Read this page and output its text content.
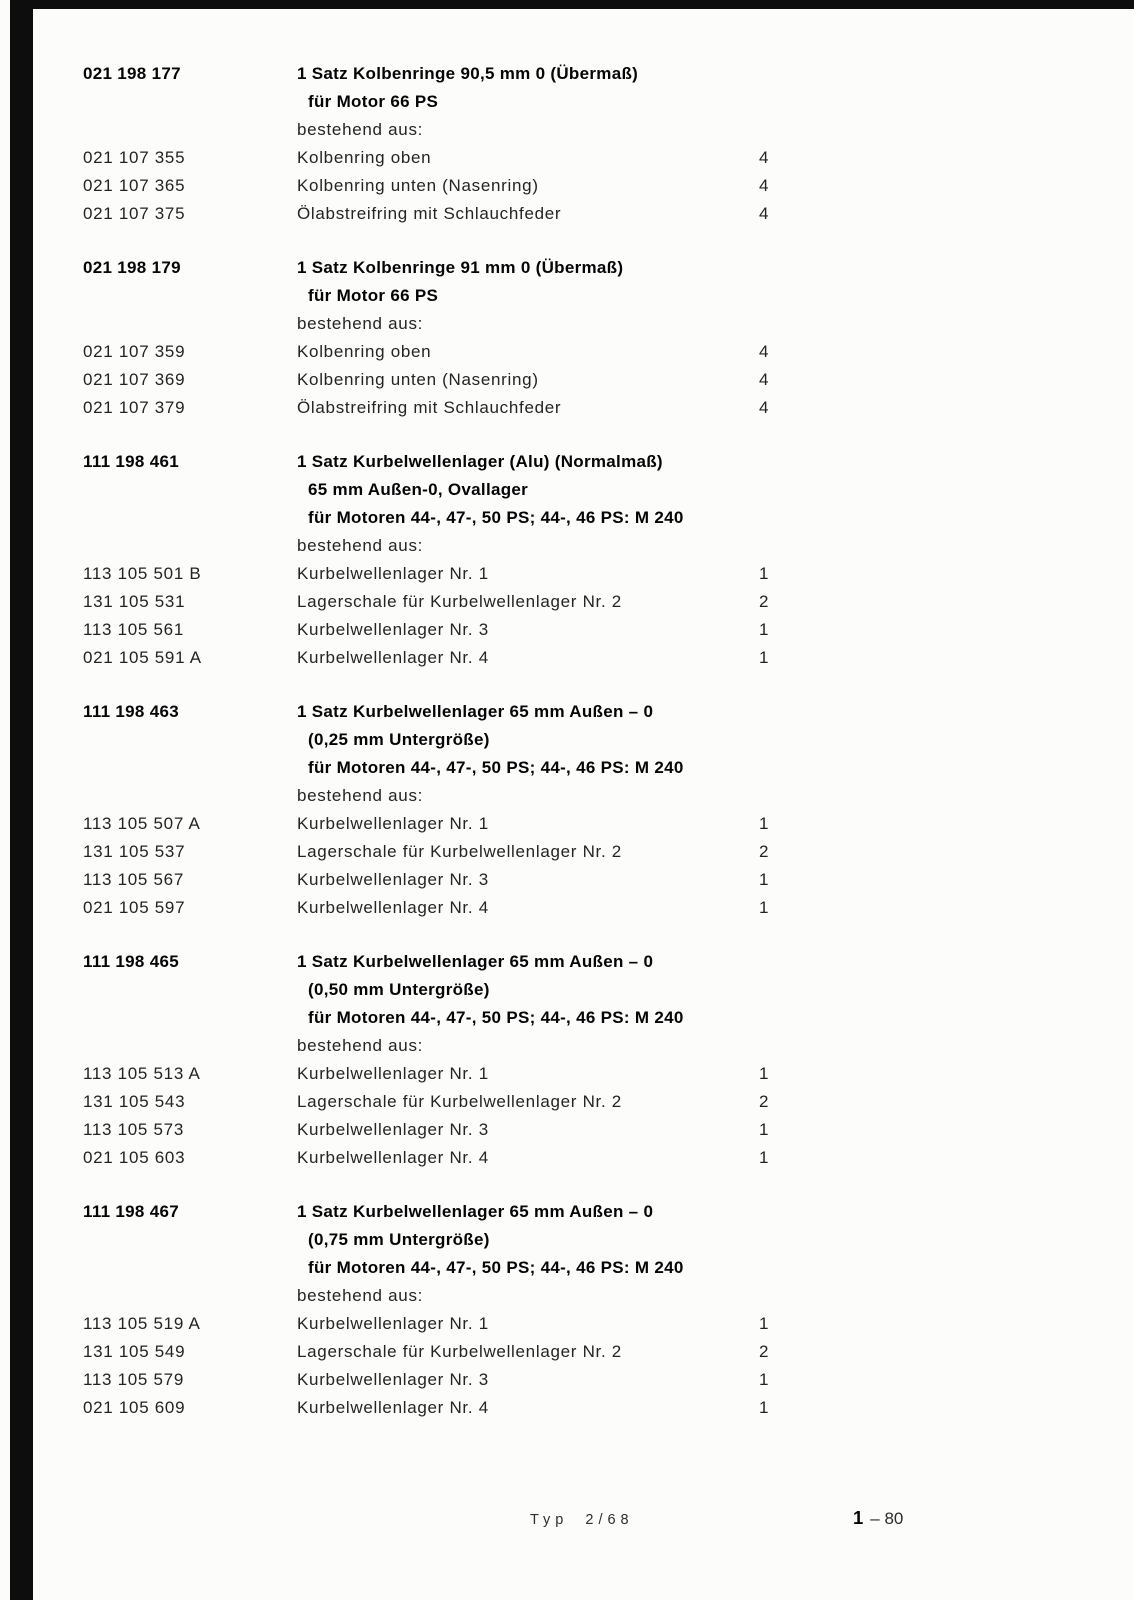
021 198 177	1 Satz Kolbenringe 90,5 mm 0 (Übermaß)
für Motor 66 PS
bestehend aus:
021 107 355	Kolbenring oben	4
021 107 365	Kolbenring unten (Nasenring)	4
021 107 375	Ölabstreifring mit Schlauchfeder	4
021 198 179	1 Satz Kolbenringe 91 mm 0 (Übermaß)
für Motor 66 PS
bestehend aus:
021 107 359	Kolbenring oben	4
021 107 369	Kolbenring unten (Nasenring)	4
021 107 379	Ölabstreifring mit Schlauchfeder	4
111 198 461	1 Satz Kurbelwellenlager (Alu) (Normalmaß)
65 mm Außen-0, Ovallager
für Motoren 44-, 47-, 50 PS; 44-, 46 PS: M 240
bestehend aus:
113 105 501 B	Kurbelwellenlager Nr. 1	1
131 105 531	Lagerschale für Kurbelwellenlager Nr. 2	2
113 105 561	Kurbelwellenlager Nr. 3	1
021 105 591 A	Kurbelwellenlager Nr. 4	1
111 198 463	1 Satz Kurbelwellenlager 65 mm Außen – 0
(0,25 mm Untergröße)
für Motoren 44-, 47-, 50 PS; 44-, 46 PS: M 240
bestehend aus:
113 105 507 A	Kurbelwellenlager Nr. 1	1
131 105 537	Lagerschale für Kurbelwellenlager Nr. 2	2
113 105 567	Kurbelwellenlager Nr. 3	1
021 105 597	Kurbelwellenlager Nr. 4	1
111 198 465	1 Satz Kurbelwellenlager 65 mm Außen – 0
(0,50 mm Untergröße)
für Motoren 44-, 47-, 50 PS; 44-, 46 PS: M 240
bestehend aus:
113 105 513 A	Kurbelwellenlager Nr. 1	1
131 105 543	Lagerschale für Kurbelwellenlager Nr. 2	2
113 105 573	Kurbelwellenlager Nr. 3	1
021 105 603	Kurbelwellenlager Nr. 4	1
111 198 467	1 Satz Kurbelwellenlager 65 mm Außen – 0
(0,75 mm Untergröße)
für Motoren 44-, 47-, 50 PS; 44-, 46 PS: M 240
bestehend aus:
113 105 519 A	Kurbelwellenlager Nr. 1	1
131 105 549	Lagerschale für Kurbelwellenlager Nr. 2	2
113 105 579	Kurbelwellenlager Nr. 3	1
021 105 609	Kurbelwellenlager Nr. 4	1
Typ 2/68	1 – 80
